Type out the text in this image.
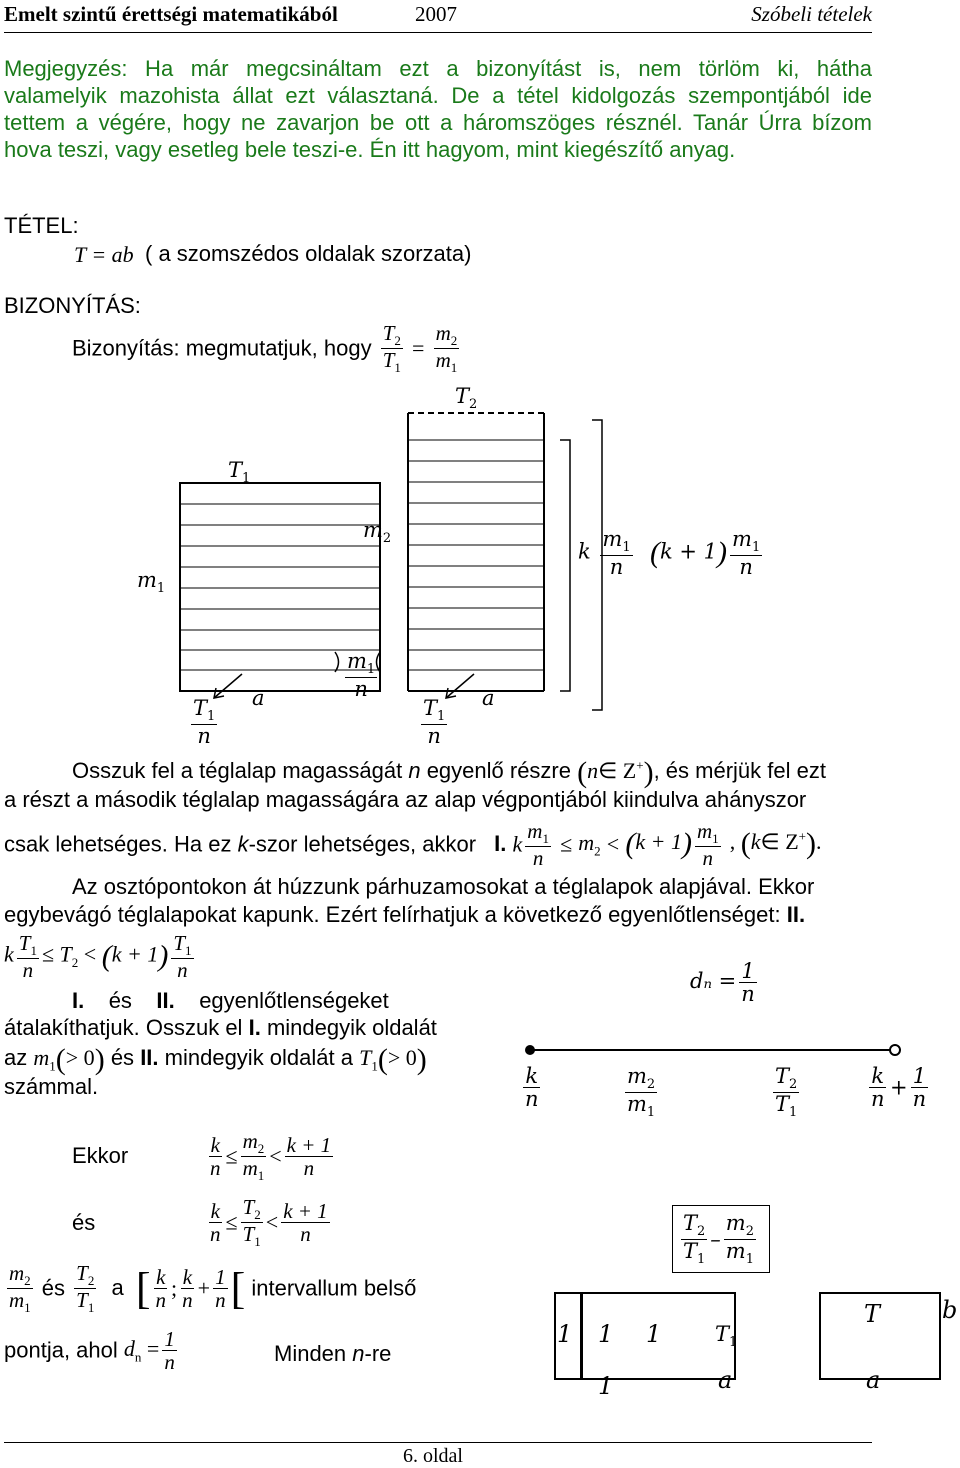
Emelt szintű érettségi matematikából	2007	Szóbeli tételek
Megjegyzés: Ha már megcsináltam ezt a bizonyítást is, nem törlöm ki, hátha
valamelyik mazohista állat ezt választaná. De a tétel kidolgozás szempontjából ide
tettem a végére, hogy ne zavarjon be ott a háromszöges résznél. Tanár Úrra bízom
hova teszi, vagy esetleg bele teszi-e. Én itt hagyom, mint kiegészítő anyag.
TÉTEL:
T = ab ( a szomszédos oldalak szorzata)
BIZONYÍTÁS:
Bizonyítás: megmutatjuk, hogy $\frac{T_2}{T_1} = \frac{m_2}{m_1}$
$T_2$
$T_1$
$m_2$
$m_1$
k $\frac{m_1}{n} (k + 1) \frac{m_1}{n}$
$\frac{m_1}{n}$
$\frac{T_1}{n}$ a	$\frac{T_1}{n}$ a
Osszuk fel a téglalap magasságát n egyenlő részre (n∈ Z+), és mérjük fel ezt
a részt a második téglalap magasságára az alap végpontjából kiindulva ahányszor
csak lehetséges. Ha ez k-szor lehetséges, akkor I. k $\frac{m_1}{n} \le m_2 < (k + 1) \frac{m_1}{n}$ , (k∈ Z+).
Az osztópontokon át húzzunk párhuzamosokat a téglalapok alapjával. Ekkor
egybevágó téglalapokat kapunk. Ezért felírhatjuk a következő egyenlőtlenséget: II.
k $\frac{T_1}{n} \le T_2 < (k + 1) \frac{T_1}{n}$
I. és II. egyenlőtlenségeket
átalakíthatjuk. Osszuk el I. mindegyik oldalát
az $m_1(> 0)$ és II. mindegyik oldalát a $T_1(> 0)$
számmal.
$d_n = \frac{1}{n}$
$\frac{k}{n}$	$\frac{m_2}{m_1}$	$\frac{T_2}{T_1}$	$\frac{k}{n} + \frac{1}{n}$
Ekkor	$\frac{k}{n} \le \frac{m_2}{m_1} < \frac{k + 1}{n}$
és	$\frac{k}{n} \le \frac{T_2}{T_1} < \frac{k + 1}{n}$
$\frac{m_2}{m_1}$ és $\frac{T_2}{T_1}$ a [ $\frac{k}{n}$ ; $\frac{k}{n} + \frac{1}{n}$ [ intervallum belső
pontja, ahol $d_n = \frac{1}{n}$	Minden n-re
$\frac{T_2}{T_1} - \frac{m_2}{m_1}$
1 1 1	$T_1$
T	b
1	a	a
6. oldal
